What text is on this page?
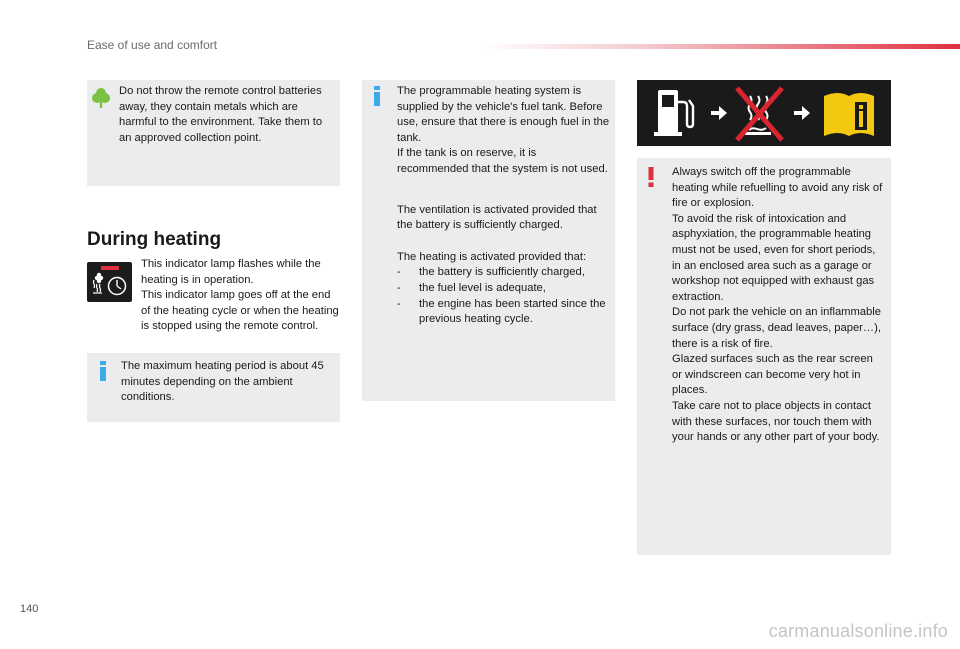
Ease of use and comfort
Do not throw the remote control batteries away, they contain metals which are harmful to the environment. Take them to an approved collection point.
During heating
This indicator lamp flashes while the heating is in operation.
This indicator lamp goes off at the end of the heating cycle or when the heating is stopped using the remote control.
The maximum heating period is about 45 minutes depending on the ambient conditions.

The programmable heating system is supplied by the vehicle's fuel tank. Before use, ensure that there is enough fuel in the tank.
If the tank is on reserve, it is recommended that the system is not used.

The ventilation is activated provided that the battery is sufficiently charged.

The heating is activated provided that:

- the battery is sufficiently charged,
- the fuel level is adequate,
- the engine has been started since the previous heating cycle.
Always switch off the programmable heating while refuelling to avoid any risk of fire or explosion.
To avoid the risk of intoxication and asphyxiation, the programmable heating must not be used, even for short periods, in an enclosed area such as a garage or workshop not equipped with exhaust gas extraction.
Do not park the vehicle on an inflammable surface (dry grass, dead leaves, paper…), there is a risk of fire.
Glazed surfaces such as the rear screen or windscreen can become very hot in places.
Take care not to place objects in contact with these surfaces, nor touch them with your hands or any other part of your body.
140
carmanualsonline.info
